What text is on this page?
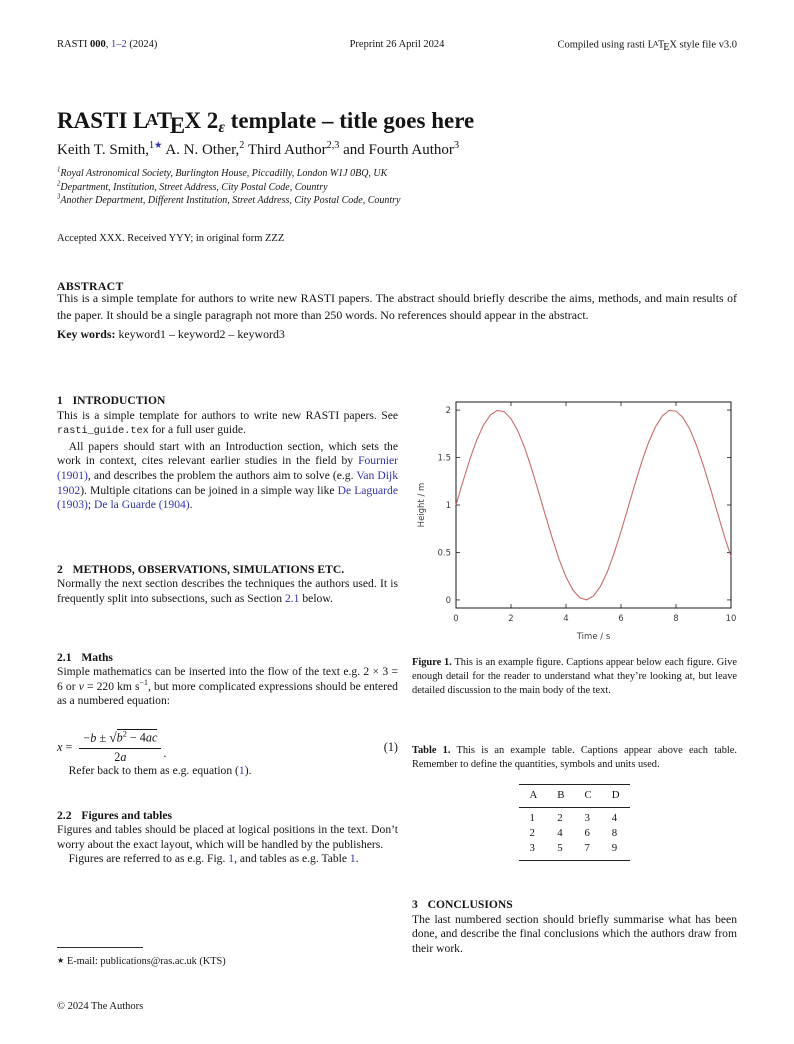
RASTI 000, 1–2 (2024)	Preprint 26 April 2024	Compiled using rasti LATEX style file v3.0
RASTI LATEX 2ε template – title goes here
Keith T. Smith,$^{1★}$ A. N. Other,$^2$ Third Author$^{2,3}$ and Fourth Author$^3$
$^1$Royal Astronomical Society, Burlington House, Piccadilly, London W1J 0BQ, UK
$^2$Department, Institution, Street Address, City Postal Code, Country
$^3$Another Department, Different Institution, Street Address, City Postal Code, Country
Accepted XXX. Received YYY; in original form ZZZ
ABSTRACT
This is a simple template for authors to write new RASTI papers. The abstract should briefly describe the aims, methods, and main results of the paper. It should be a single paragraph not more than 250 words. No references should appear in the abstract.
Key words: keyword1 – keyword2 – keyword3
1 INTRODUCTION

This is a simple template for authors to write new RASTI papers. See rasti_guide.tex for a full user guide.

All papers should start with an Introduction section, which sets the work in context, cites relevant earlier studies in the field by Fournier (1901), and describes the problem the authors aim to solve (e.g. Van Dijk 1902). Multiple citations can be joined in a simple way like De Laguarde (1903); De la Guarde (1904).

2 METHODS, OBSERVATIONS, SIMULATIONS ETC.

Normally the next section describes the techniques the authors used. It is frequently split into subsections, such as Section 2.1 below.

2.1 Maths

Simple mathematics can be inserted into the flow of the text e.g. 2 × 3 = 6 or v = 220 km $s^{-1}$, but more complicated expressions should be entered as a numbered equation:

$x = \frac{-b \pm √b^2 - 4ac}{2a}$ .	(1)

Refer back to them as e.g. equation (1).

2.2 Figures and tables

Figures and tables should be placed at logical positions in the text. Don’t worry about the exact layout, which will be handled by the publishers.

Figures are referred to as e.g. Fig. 1, and tables as e.g. Table 1.

0	2	4	6	8	10
0
0.5
1
1.5
2
Time / s
Height / m

Figure 1. This is an example figure. Captions appear below each figure. Give enough detail for the reader to understand what they’re looking at, but leave detailed discussion to the main body of the text.

Table 1. This is an example table. Captions appear above each table. Remember to define the quantities, symbols and units used.

A	B	C	D
1	2	3	4
2	4	6	8
3	5	7	9
3 CONCLUSIONS

The last numbered section should briefly summarise what has been done, and describe the final conclusions which the authors draw from their work.

★ E-mail: publications@ras.ac.uk (KTS)
© 2024 The Authors
